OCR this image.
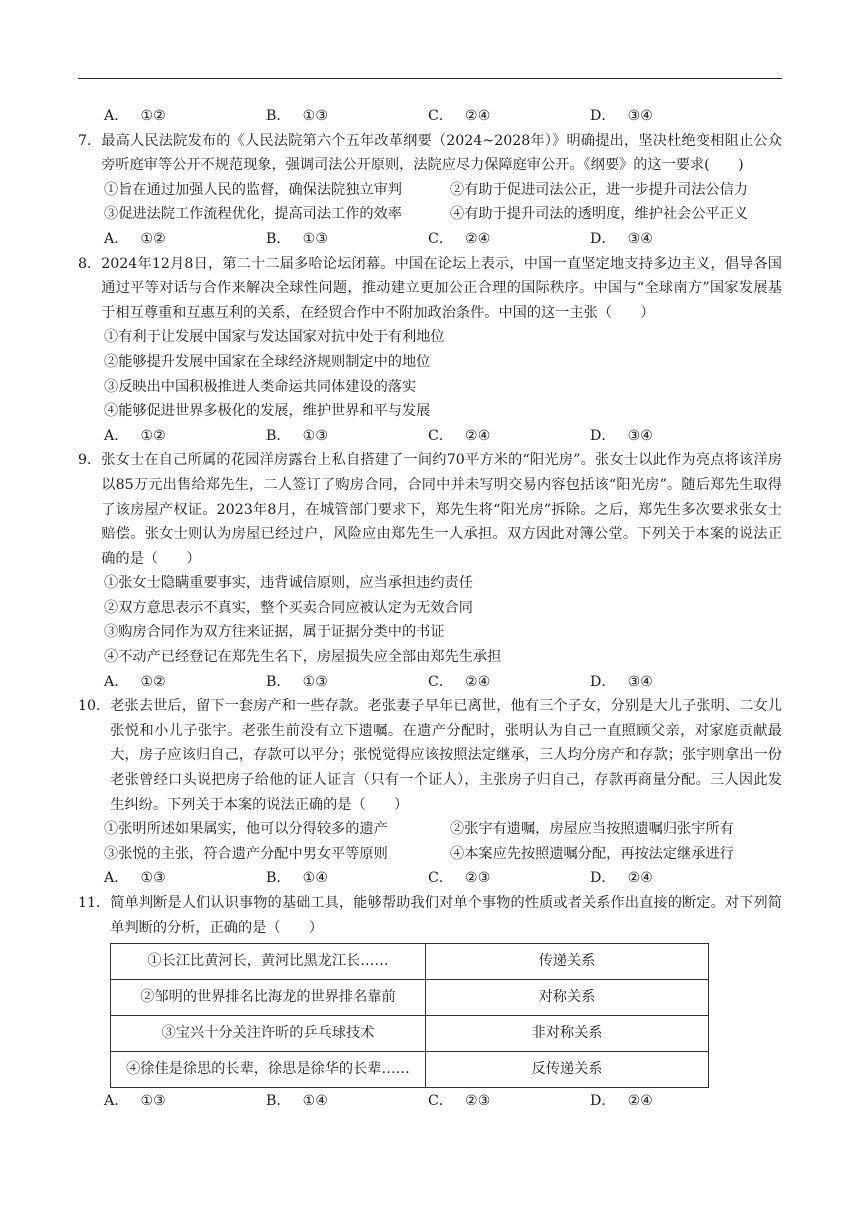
A． ①②	B． ①③	C． ②④	D． ③④
7． 最高人民法院发布的《人民法院第六个五年改革纲要（2024~2028年）》明确提出，坚决杜绝变相阻止公众旁听庭审等公开不规范现象，强调司法公开原则，法院应尽力保障庭审公开。《纲要》的这一要求(　　)
①旨在通过加强人民的监督，确保法院独立审判	②有助于促进司法公正，进一步提升司法公信力
③促进法院工作流程优化，提高司法工作的效率	④有助于提升司法的透明度，维护社会公平正义
A． ①②	B． ①③	C． ②④	D． ③④
8． 2024年12月8日，第二十二届多哈论坛闭幕。中国在论坛上表示，中国一直坚定地支持多边主义，倡导各国通过平等对话与合作来解决全球性问题，推动建立更加公正合理的国际秩序。中国与“全球南方”国家发展基于相互尊重和互惠互利的关系，在经贸合作中不附加政治条件。中国的这一主张（　　）
①有利于让发展中国家与发达国家对抗中处于有利地位
②能够提升发展中国家在全球经济规则制定中的地位
③反映出中国积极推进人类命运共同体建设的落实
④能够促进世界多极化的发展，维护世界和平与发展
A． ①②	B． ①③	C． ②④	D． ③④
9． 张女士在自己所属的花园洋房露台上私自搭建了一间约70平方米的“阳光房”。张女士以此作为亮点将该洋房以85万元出售给郑先生，二人签订了购房合同，合同中并未写明交易内容包括该“阳光房”。随后郑先生取得了该房屋产权证。2023年8月，在城管部门要求下，郑先生将“阳光房”拆除。之后，郑先生多次要求张女士赔偿。张女士则认为房屋已经过户，风险应由郑先生一人承担。双方因此对簿公堂。下列关于本案的说法正确的是（　　）
①张女士隐瞒重要事实，违背诚信原则，应当承担违约责任
②双方意思表示不真实，整个买卖合同应被认定为无效合同
③购房合同作为双方往来证据，属于证据分类中的书证
④不动产已经登记在郑先生名下，房屋损失应全部由郑先生承担
A． ①②	B． ①③	C． ②④	D． ③④
10． 老张去世后，留下一套房产和一些存款。老张妻子早年已离世，他有三个子女，分别是大儿子张明、二女儿张悦和小儿子张宇。老张生前没有立下遗嘱。在遗产分配时，张明认为自己一直照顾父亲，对家庭贡献最大，房子应该归自己，存款可以平分；张悦觉得应该按照法定继承，三人均分房产和存款；张宇则拿出一份老张曾经口头说把房子给他的证人证言（只有一个证人），主张房子归自己，存款再商量分配。三人因此发生纠纷。下列关于本案的说法正确的是（　　）
①张明所述如果属实，他可以分得较多的遗产	②张宇有遗嘱，房屋应当按照遗嘱归张宇所有
③张悦的主张，符合遗产分配中男女平等原则	④本案应先按照遗嘱分配，再按法定继承进行
A． ①③	B． ①④	C． ②③	D． ②④
11． 简单判断是人们认识事物的基础工具，能够帮助我们对单个事物的性质或者关系作出直接的断定。对下列简单判断的分析，正确的是（　　）
①长江比黄河长，黄河比黑龙江长……	传递关系
②邹明的世界排名比海龙的世界排名靠前	对称关系
③宝兴十分关注许昕的乒乓球技术	非对称关系
④徐佳是徐思的长辈，徐思是徐华的长辈……	反传递关系
A． ①③	B． ①④	C． ②③	D． ②④
